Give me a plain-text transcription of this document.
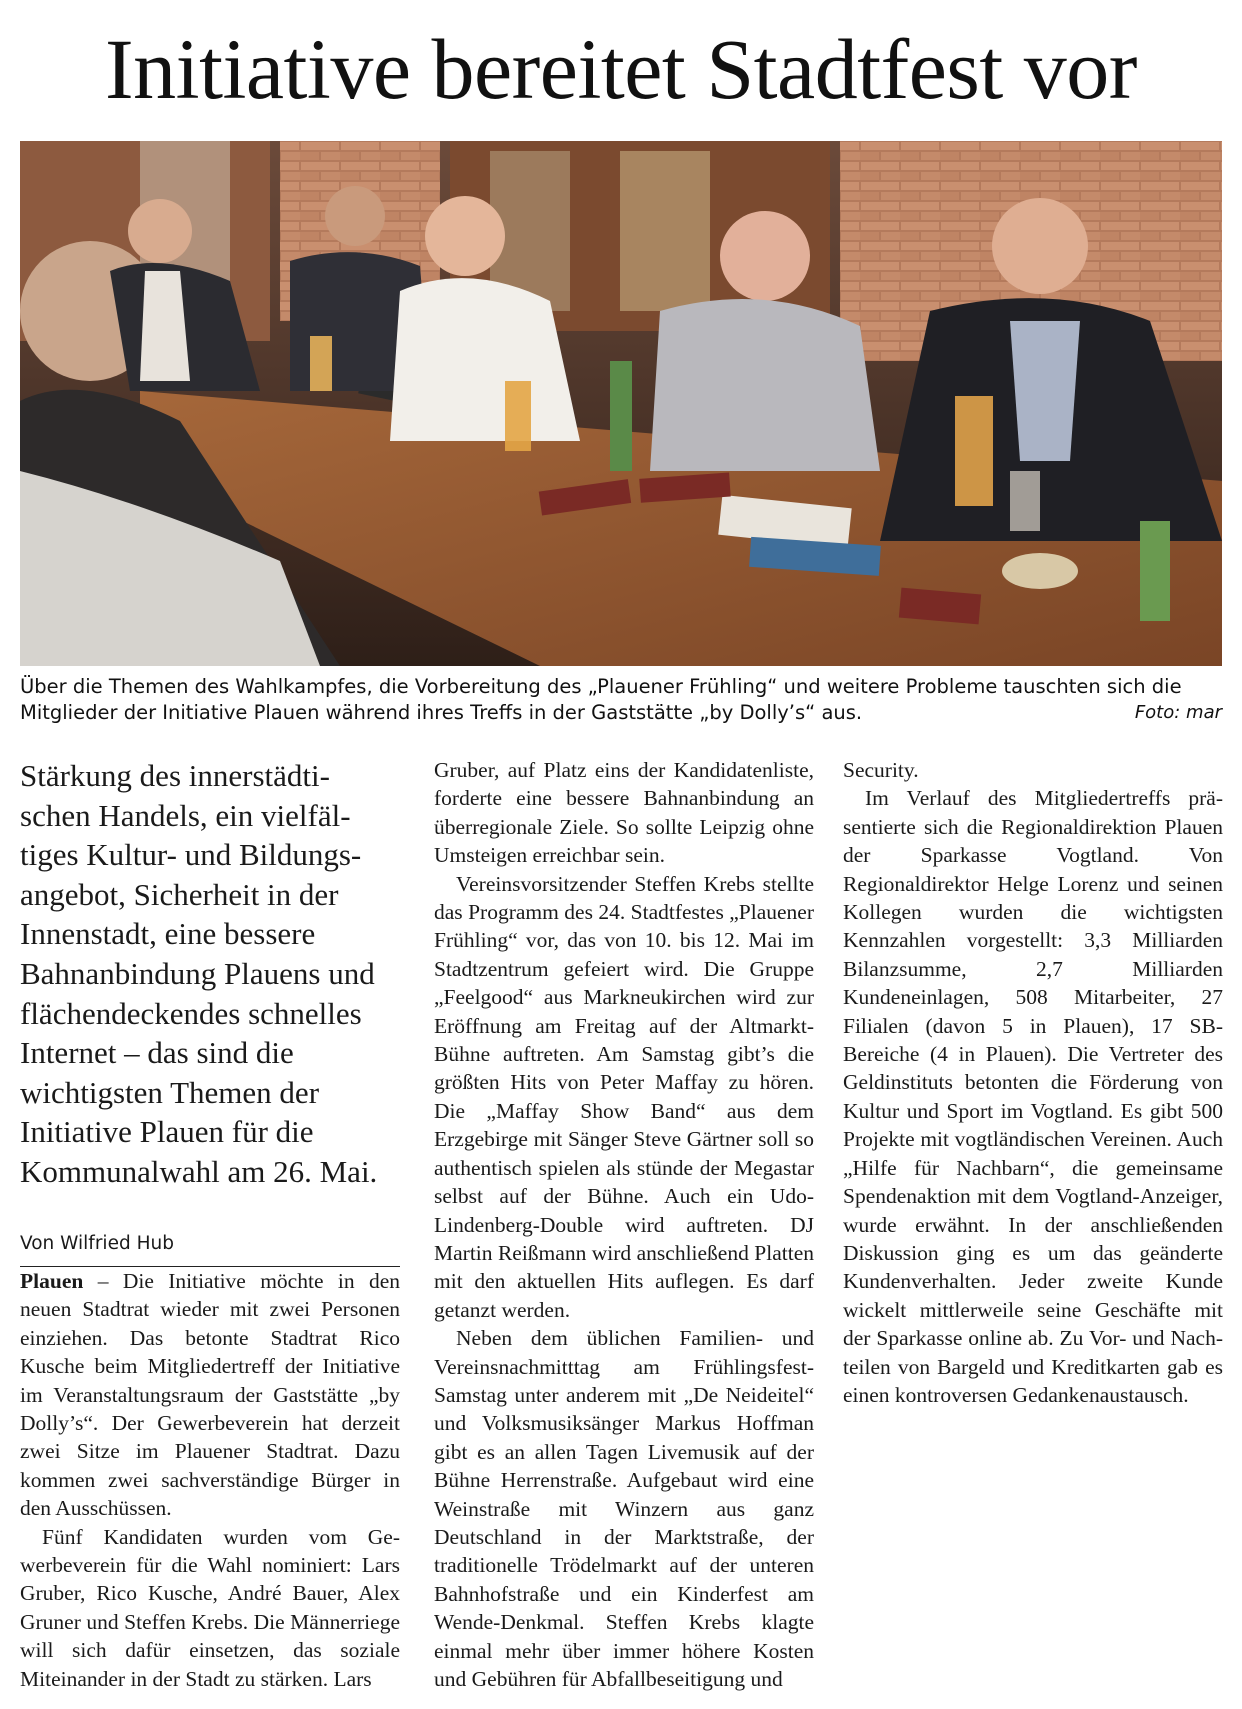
Initiative bereitet Stadtfest vor
Über die Themen des Wahlkampfes, die Vorbereitung des „Plauener Frühling“ und weitere Probleme tauschten sich die Mitglieder der Initiative Plauen während ihres Treffs in der Gaststätte „by Dolly’s“ aus.	Foto: mar

Stärkung des innerstädtischen Handels, ein vielfältiges Kultur- und Bildungsangebot, Sicherheit in der Innenstadt, eine bessere Bahnanbindung Plauens und flächendeckendes schnelles Internet – das sind die wichtigsten Themen der Initiative Plauen für die Kommunalwahl am 26. Mai.

Von Wilfried Hub

Plauen – Die Initiative möchte in den neuen Stadtrat wieder mit zwei Personen einziehen. Das betonte Stadtrat Rico Kusche beim Mitgliedertreff der Initiative im Veranstaltungsraum der Gaststätte „by Dolly’s“. Der Gewerbeverein hat derzeit zwei Sitze im Plauener Stadtrat. Dazu kommen zwei sachverständige Bürger in den Ausschüssen.

Fünf Kandidaten wurden vom Gewerbeverein für die Wahl nominiert: Lars Gruber, Rico Kusche, André Bauer, Alex Gruner und Steffen Krebs. Die Männerriege will sich dafür einsetzen, das soziale Miteinander in der Stadt zu stärken. Lars

Gruber, auf Platz eins der Kandidatenliste, forderte eine bessere Bahnanbindung an überregionale Ziele. So sollte Leipzig ohne Umsteigen erreichbar sein.

Vereinsvorsitzender Steffen Krebs stellte das Programm des 24. Stadtfestes „Plauener Frühling“ vor, das von 10. bis 12. Mai im Stadtzentrum gefeiert wird. Die Gruppe „Feelgood“ aus Markneukirchen wird zur Eröffnung am Freitag auf der Altmarkt-Bühne auftreten. Am Samstag gibt’s die größten Hits von Peter Maffay zu hören. Die „Maffay Show Band“ aus dem Erzgebirge mit Sänger Steve Gärtner soll so authentisch spielen als stünde der Megastar selbst auf der Bühne. Auch ein Udo-Lindenberg-Double wird auftreten. DJ Martin Reißmann wird anschließend Platten mit den aktuellen Hits auflegen. Es darf getanzt werden.

Neben dem üblichen Familien- und Vereinsnachmitttag am Frühlingsfest-Samstag unter anderem mit „De Neideitel“ und Volksmusiksänger Markus Hoffman gibt es an allen Tagen Livemusik auf der Bühne Herrenstraße. Aufgebaut wird eine Weinstraße mit Winzern aus ganz Deutschland in der Marktstraße, der traditionelle Trödelmarkt auf der unteren Bahnhofstraße und ein Kinderfest am Wende-Denkmal. Steffen Krebs klagte einmal mehr über immer höhere Kosten und Gebühren für Abfallbeseitigung und

Security.

Im Verlauf des Mitgliedertreffs präsentierte sich die Regionaldirektion Plauen der Sparkasse Vogtland. Von Regionaldirektor Helge Lorenz und seinen Kollegen wurden die wichtigsten Kennzahlen vorgestellt: 3,3 Milliarden Bilanzsumme, 2,7 Milliarden Kundeneinlagen, 508 Mitarbeiter, 27 Filialen (davon 5 in Plauen), 17 SB-Bereiche (4 in Plauen). Die Vertreter des Geldinstituts betonten die Förderung von Kultur und Sport im Vogtland. Es gibt 500 Projekte mit vogtländischen Vereinen. Auch „Hilfe für Nachbarn“, die gemeinsame Spendenaktion mit dem Vogtland-Anzeiger, wurde erwähnt. In der anschließenden Diskussion ging es um das geänderte Kundenverhalten. Jeder zweite Kunde wickelt mittlerweile seine Geschäfte mit der Sparkasse online ab. Zu Vor- und Nachteilen von Bargeld und Kreditkarten gab es einen kontroversen Gedankenaustausch.
